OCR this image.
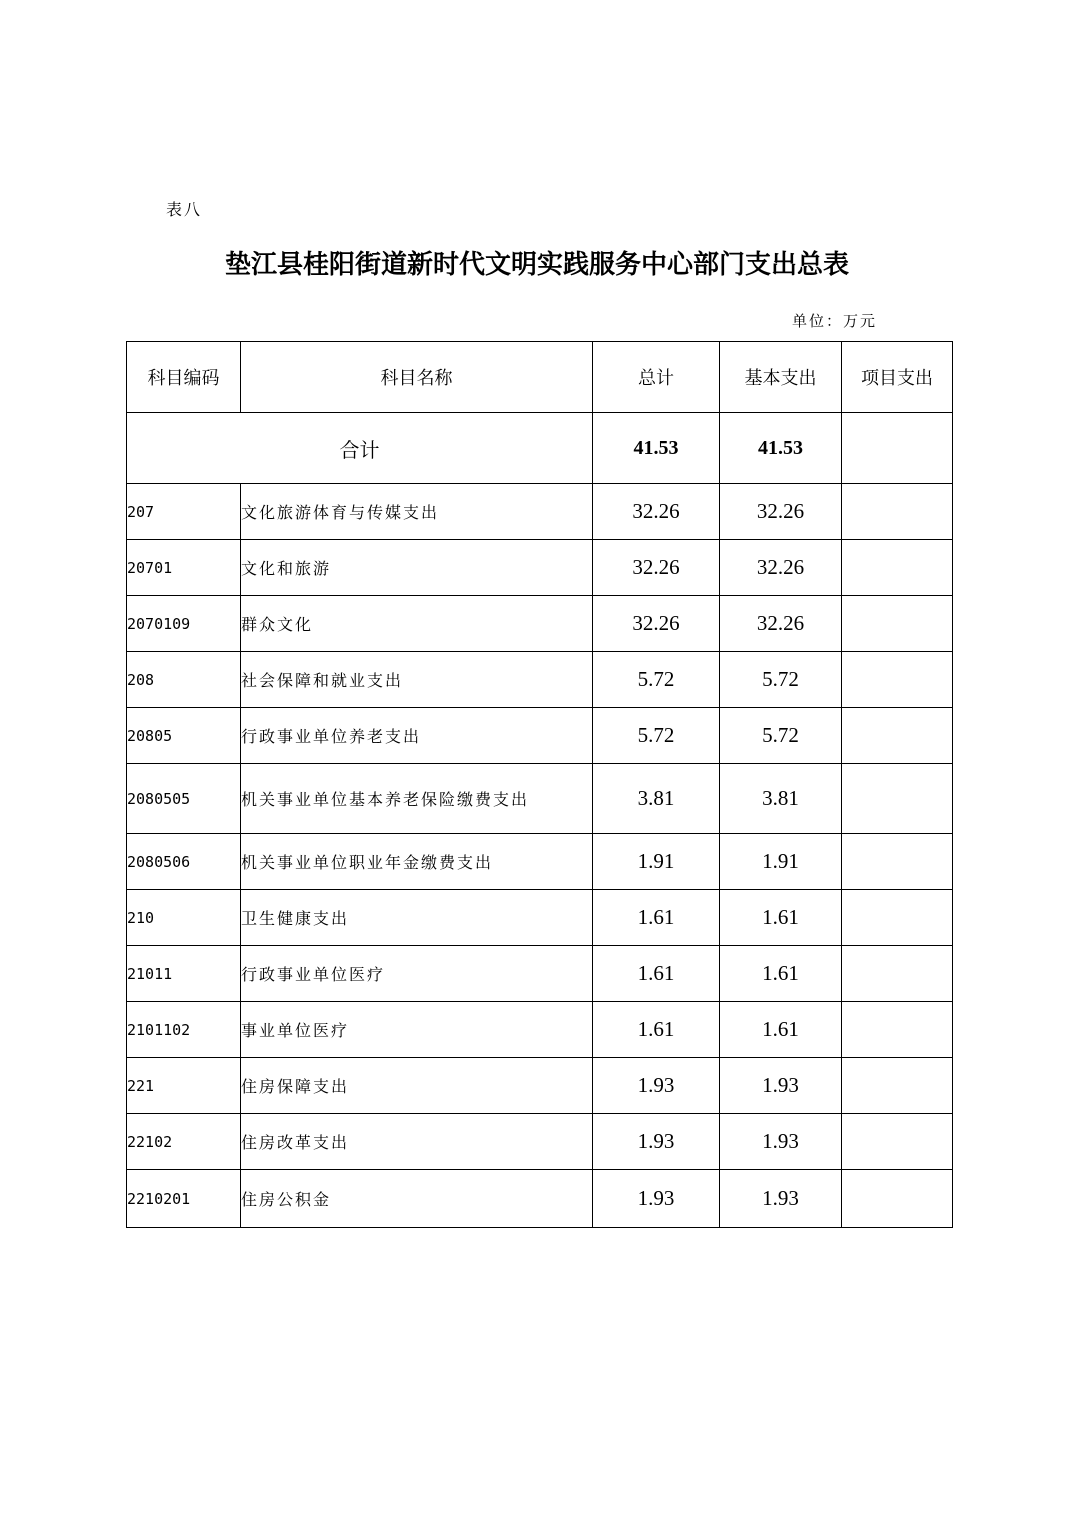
表八
垫江县桂阳街道新时代文明实践服务中心部门支出总表
单位：万元
科目编码	科目名称	总计	基本支出	项目支出
合计		41.53	41.53	
207	文化旅游体育与传媒支出	32.26	32.26	
20701	文化和旅游	32.26	32.26	
2070109	群众文化	32.26	32.26	
208	社会保障和就业支出	5.72	5.72	
20805	行政事业单位养老支出	5.72	5.72	
2080505	机关事业单位基本养老保险缴费支出	3.81	3.81	
2080506	机关事业单位职业年金缴费支出	1.91	1.91	
210	卫生健康支出	1.61	1.61	
21011	行政事业单位医疗	1.61	1.61	
2101102	事业单位医疗	1.61	1.61	
221	住房保障支出	1.93	1.93	
22102	住房改革支出	1.93	1.93	
2210201	住房公积金	1.93	1.93	
